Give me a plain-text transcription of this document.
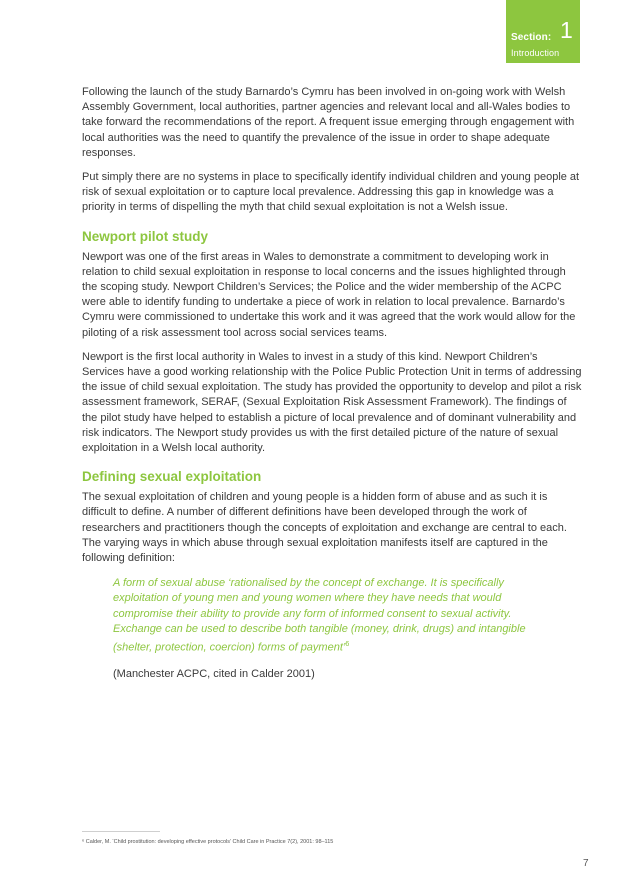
Section: 1
Introduction

Following the launch of the study Barnardo’s Cymru has been involved in on-going work with Welsh Assembly Government, local authorities, partner agencies and relevant local and all-Wales bodies to take forward the recommendations of the report. A frequent issue emerging through engagement with local authorities was the need to quantify the prevalence of the issue in order to shape adequate responses.

Put simply there are no systems in place to specifically identify individual children and young people at risk of sexual exploitation or to capture local prevalence. Addressing this gap in knowledge was a priority in terms of dispelling the myth that child sexual exploitation is not a Welsh issue.

Newport pilot study

Newport was one of the first areas in Wales to demonstrate a commitment to developing work in relation to child sexual exploitation in response to local concerns and the issues highlighted through the scoping study. Newport Children’s Services; the Police and the wider membership of the ACPC were able to identify funding to undertake a piece of work in relation to local prevalence. Barnardo’s Cymru were commissioned to undertake this work and it was agreed that the work would allow for the piloting of a risk assessment tool across social services teams.

Newport is the first local authority in Wales to invest in a study of this kind. Newport Children’s Services have a good working relationship with the Police Public Protection Unit in terms of addressing the issue of child sexual exploitation. The study has provided the opportunity to develop and pilot a risk assessment framework, SERAF, (Sexual Exploitation Risk Assessment Framework). The findings of the pilot study have helped to establish a picture of local prevalence and of dominant vulnerability and risk indicators. The Newport study provides us with the first detailed picture of the nature of sexual exploitation in a Welsh local authority.

Defining sexual exploitation

The sexual exploitation of children and young people is a hidden form of abuse and as such it is difficult to define. A number of different definitions have been developed through the work of researchers and practitioners though the concepts of exploitation and exchange are central to each. The varying ways in which abuse through sexual exploitation manifests itself are captured in the following definition:

A form of sexual abuse ‘rationalised by the concept of exchange. It is specifically exploitation of young men and young women where they have needs that would compromise their ability to provide any form of informed consent to sexual activity. Exchange can be used to describe both tangible (money, drink, drugs) and intangible (shelter, protection, coercion) forms of payment’$^6$

(Manchester ACPC, cited in Calder 2001)

⁶ Calder, M. ‘Child prostitution: developing effective protocols’ Child Care in Practice 7(2), 2001: 98–115

7
